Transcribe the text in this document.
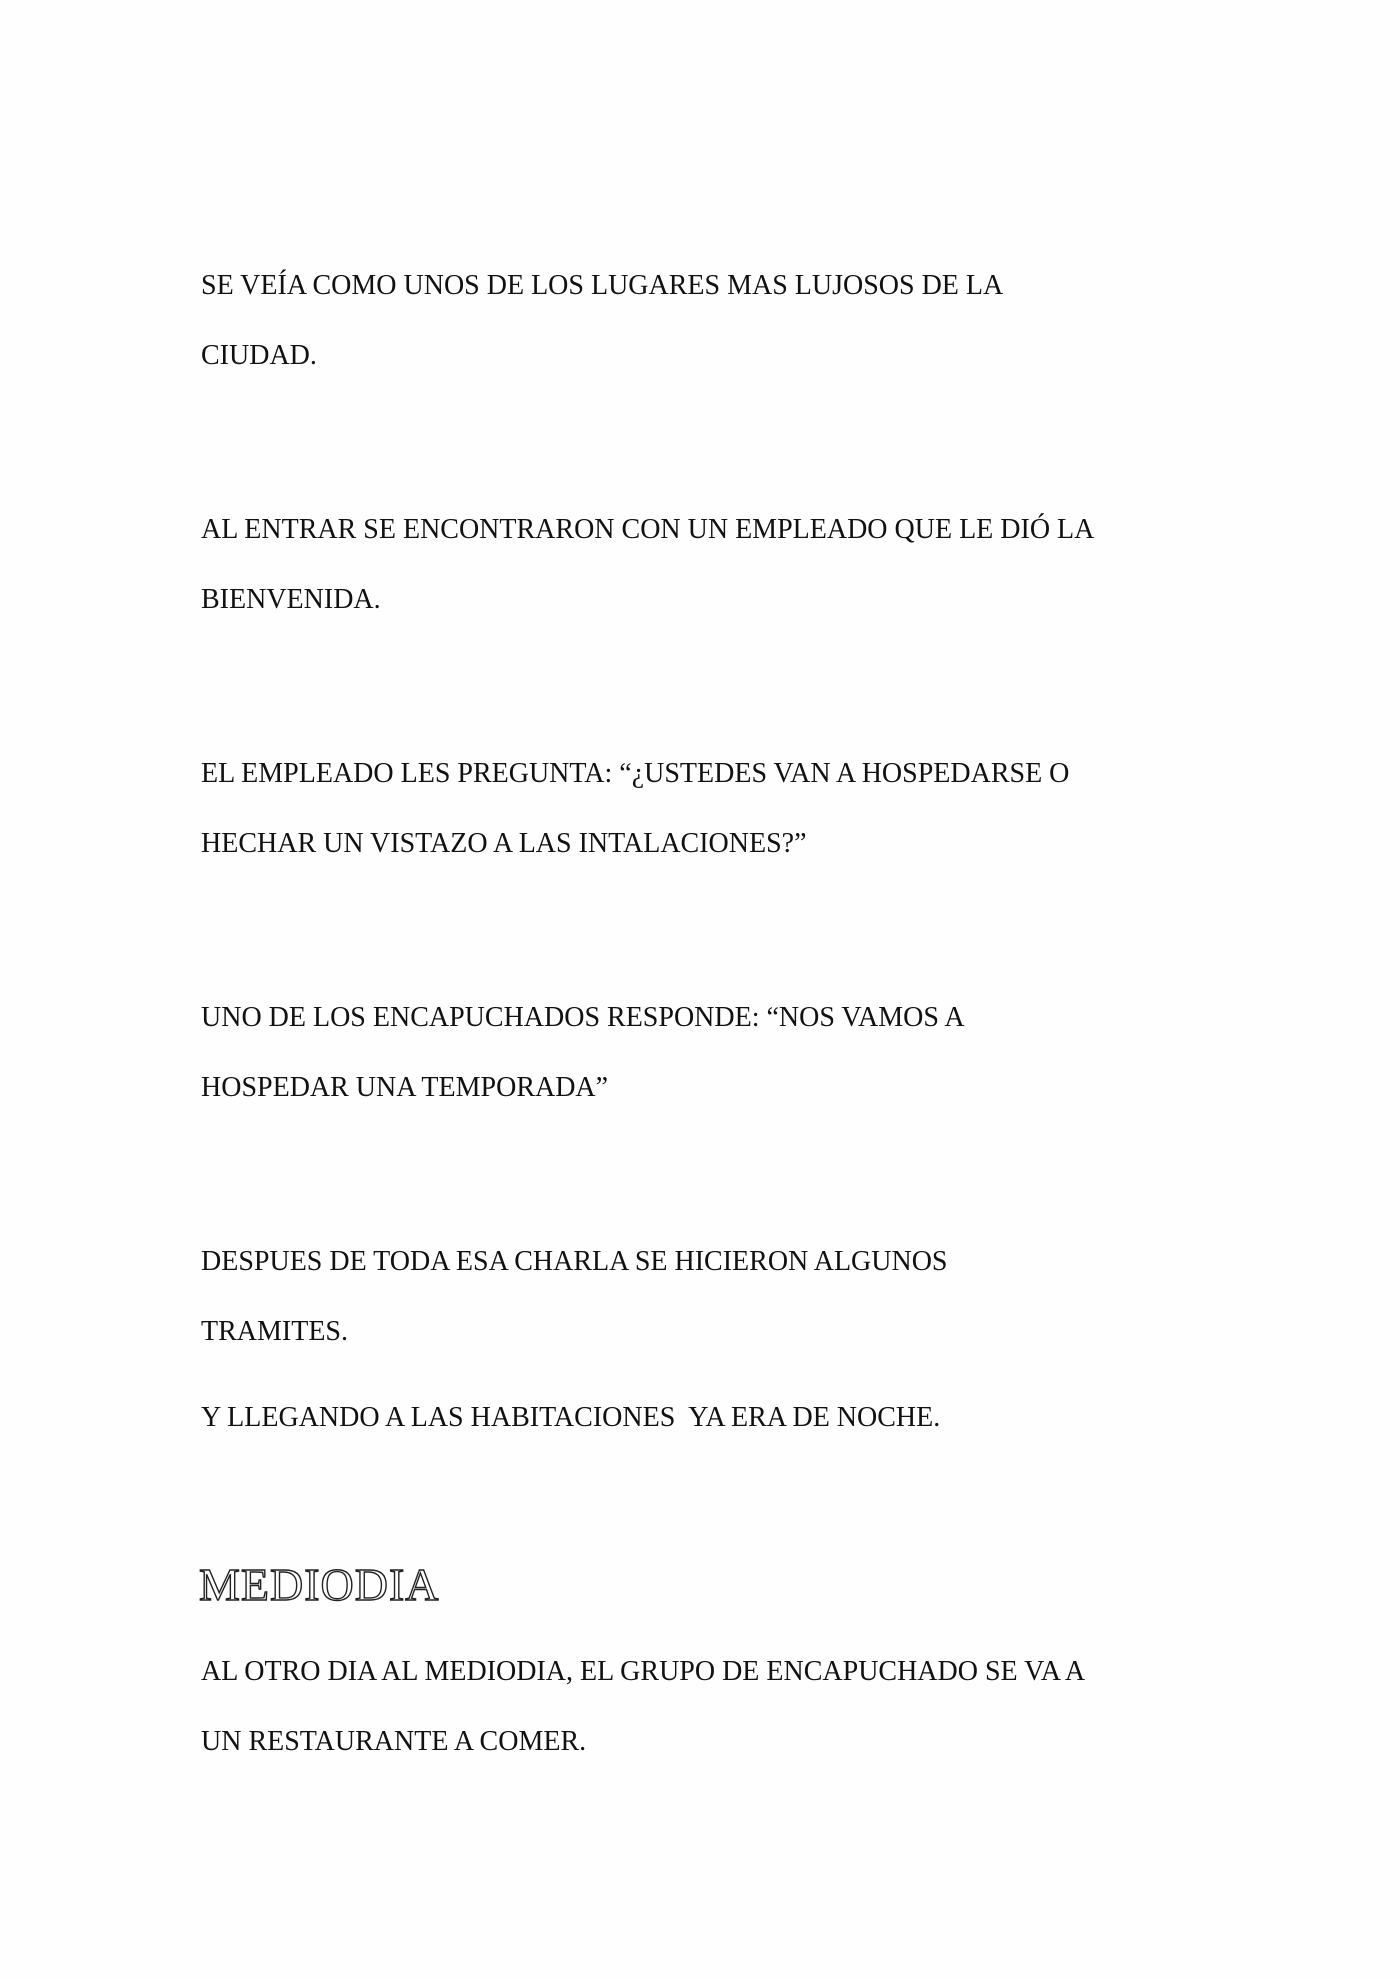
SE VEÍA COMO UNOS DE LOS LUGARES MAS LUJOSOS DE LA

CIUDAD.

AL ENTRAR SE ENCONTRARON CON UN EMPLEADO QUE LE DIÓ LA

BIENVENIDA.

EL EMPLEADO LES PREGUNTA: “¿USTEDES VAN A HOSPEDARSE O

HECHAR UN VISTAZO A LAS INTALACIONES?”

UNO DE LOS ENCAPUCHADOS RESPONDE: “NOS VAMOS A

HOSPEDAR UNA TEMPORADA”

DESPUES DE TODA ESA CHARLA SE HICIERON ALGUNOS

TRAMITES.

Y LLEGANDO A LAS HABITACIONES  YA ERA DE NOCHE.

MEDIODIA

AL OTRO DIA AL MEDIODIA, EL GRUPO DE ENCAPUCHADO SE VA A

UN RESTAURANTE A COMER.
